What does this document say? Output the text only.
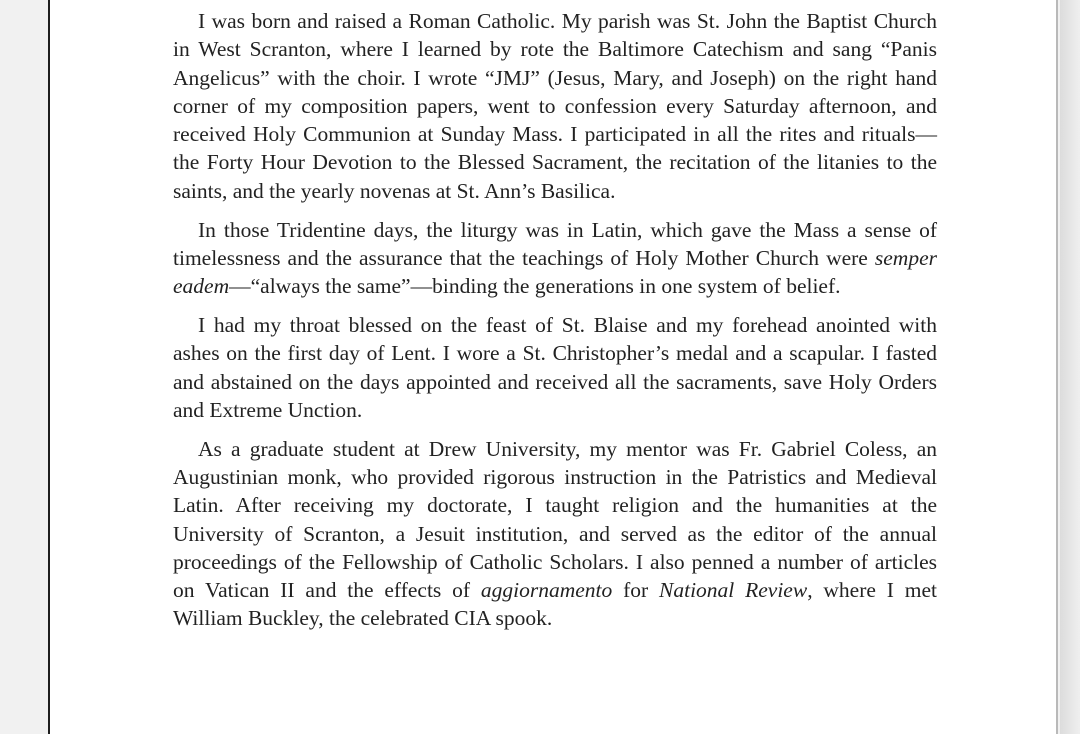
I was born and raised a Roman Catholic. My parish was St. John the Baptist Church in West Scranton, where I learned by rote the Baltimore Catechism and sang “Panis Angelicus” with the choir. I wrote “JMJ” (Jesus, Mary, and Joseph) on the right hand corner of my composition papers, went to confession every Saturday afternoon, and received Holy Communion at Sunday Mass. I participated in all the rites and rituals—the Forty Hour Devotion to the Blessed Sacrament, the recitation of the litanies to the saints, and the yearly novenas at St. Ann’s Basilica.

In those Tridentine days, the liturgy was in Latin, which gave the Mass a sense of timelessness and the assurance that the teachings of Holy Mother Church were semper eadem—“always the same”—binding the generations in one system of belief.

I had my throat blessed on the feast of St. Blaise and my forehead anointed with ashes on the first day of Lent. I wore a St. Christopher’s medal and a scapular. I fasted and abstained on the days appointed and received all the sacraments, save Holy Orders and Extreme Unction.

As a graduate student at Drew University, my mentor was Fr. Gabriel Coless, an Augustinian monk, who provided rigorous instruction in the Patristics and Medieval Latin. After receiving my doctorate, I taught religion and the humanities at the University of Scranton, a Jesuit institution, and served as the editor of the annual proceedings of the Fellowship of Catholic Scholars. I also penned a number of articles on Vatican II and the effects of aggiornamento for National Review, where I met William Buckley, the celebrated CIA spook.
